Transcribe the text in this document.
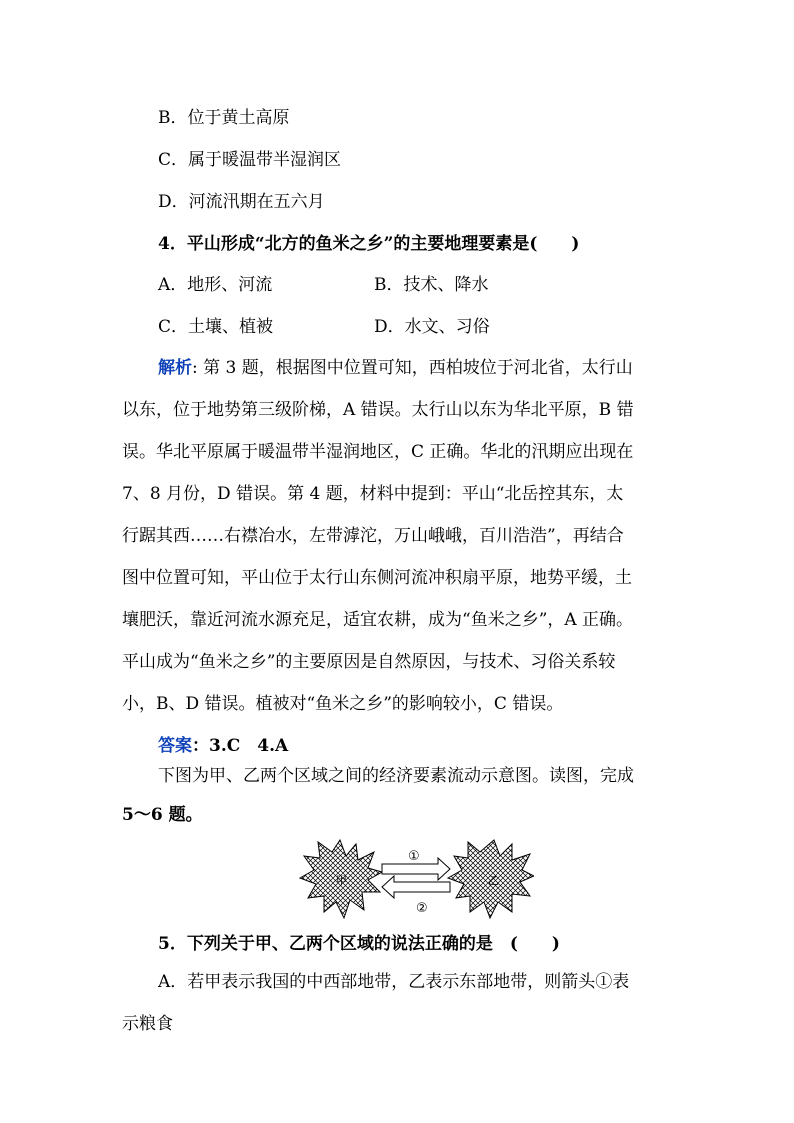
B．位于黄土高原
C．属于暖温带半湿润区
D．河流汛期在五六月
4．平山形成“北方的鱼米之乡”的主要地理要素是(　　)
A．地形、河流	B．技术、降水
C．土壤、植被	D．水文、习俗
解析: 第 3 题，根据图中位置可知，西柏坡位于河北省，太行山
以东，位于地势第三级阶梯，A 错误。太行山以东为华北平原，B 错
误。华北平原属于暖温带半湿润地区，C 正确。华北的汛期应出现在
7、8 月份，D 错误。第 4 题，材料中提到：平山“北岳控其东，太
行踞其西……右襟冶水，左带滹沱，万山峨峨，百川浩浩”，再结合
图中位置可知，平山位于太行山东侧河流冲积扇平原，地势平缓，土
壤肥沃，靠近河流水源充足，适宜农耕，成为“鱼米之乡”，A 正确。
平山成为“鱼米之乡”的主要原因是自然原因，与技术、习俗关系较
小，B、D 错误。植被对“鱼米之乡”的影响较小，C 错误。
答案：3.C　4.A
下图为甲、乙两个区域之间的经济要素流动示意图。读图，完成
5～6 题。
甲	乙
①
②
5．下列关于甲、乙两个区域的说法正确的是　(　　)
A．若甲表示我国的中西部地带，乙表示东部地带，则箭头①表
示粮食
